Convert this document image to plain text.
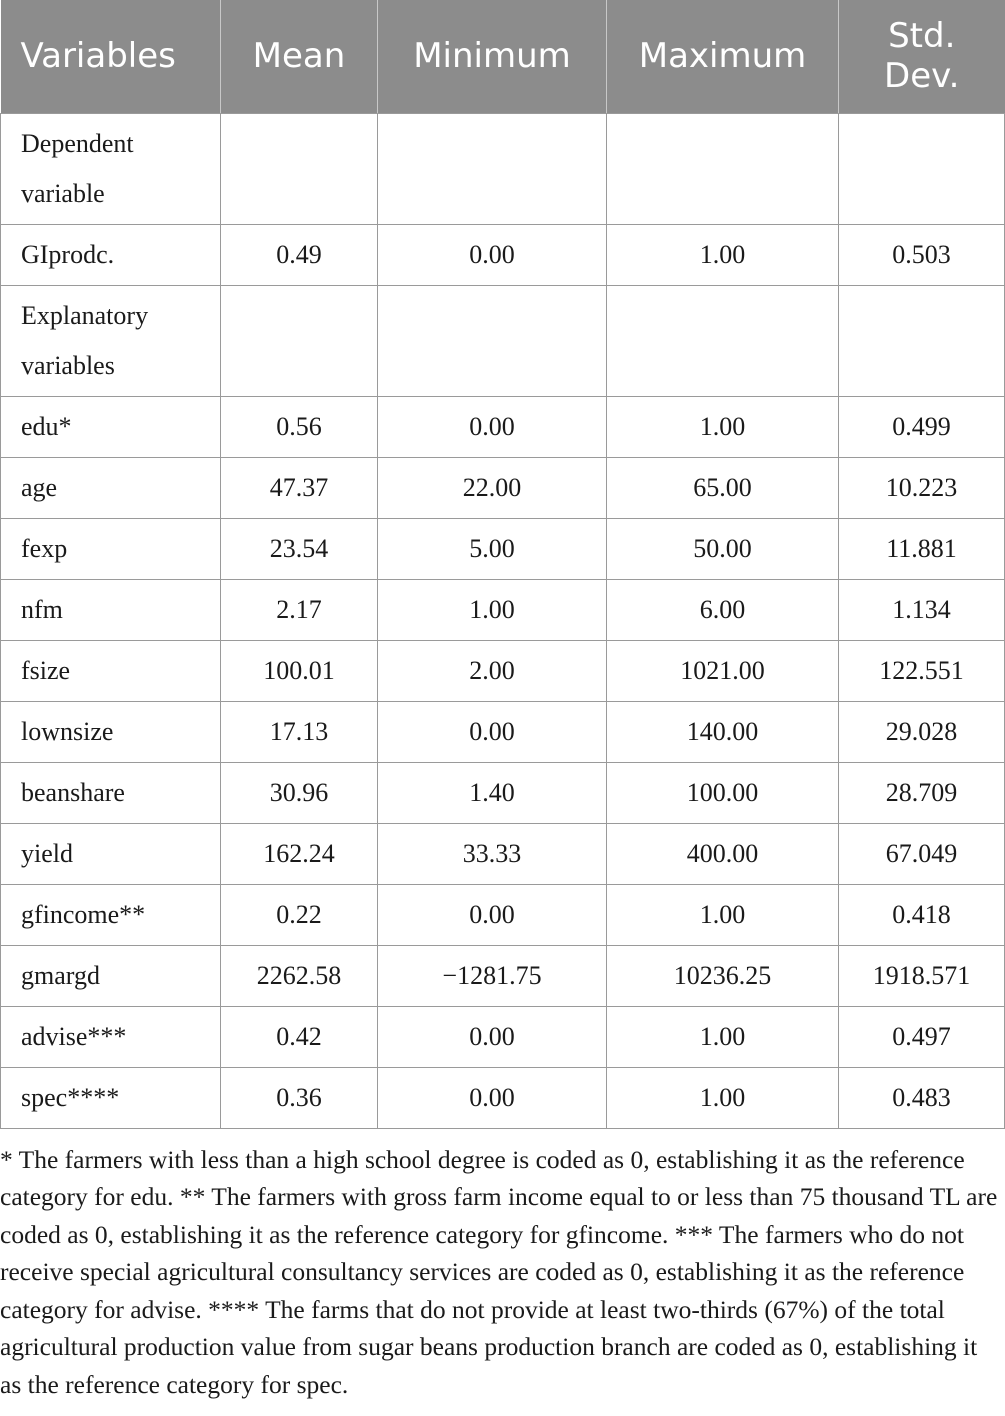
Variables	Mean	Minimum	Maximum	Std. Dev.
Dependent variable				
GIprodc.	0.49	0.00	1.00	0.503
Explanatory variables				
edu*	0.56	0.00	1.00	0.499
age	47.37	22.00	65.00	10.223
fexp	23.54	5.00	50.00	11.881
nfm	2.17	1.00	6.00	1.134
fsize	100.01	2.00	1021.00	122.551
lownsize	17.13	0.00	140.00	29.028
beanshare	30.96	1.40	100.00	28.709
yield	162.24	33.33	400.00	67.049
gfincome**	0.22	0.00	1.00	0.418
gmargd	2262.58	−1281.75	10236.25	1918.571
advise***	0.42	0.00	1.00	0.497
spec****	0.36	0.00	1.00	0.483

* The farmers with less than a high school degree is coded as 0, establishing it as the reference category for edu. ** The farmers with gross farm income equal to or less than 75 thousand TL are coded as 0, establishing it as the reference category for gfincome. *** The farmers who do not receive special agricultural consultancy services are coded as 0, establishing it as the reference category for advise. **** The farms that do not provide at least two-thirds (67%) of the total agricultural production value from sugar beans production branch are coded as 0, establishing it as the reference category for spec.
